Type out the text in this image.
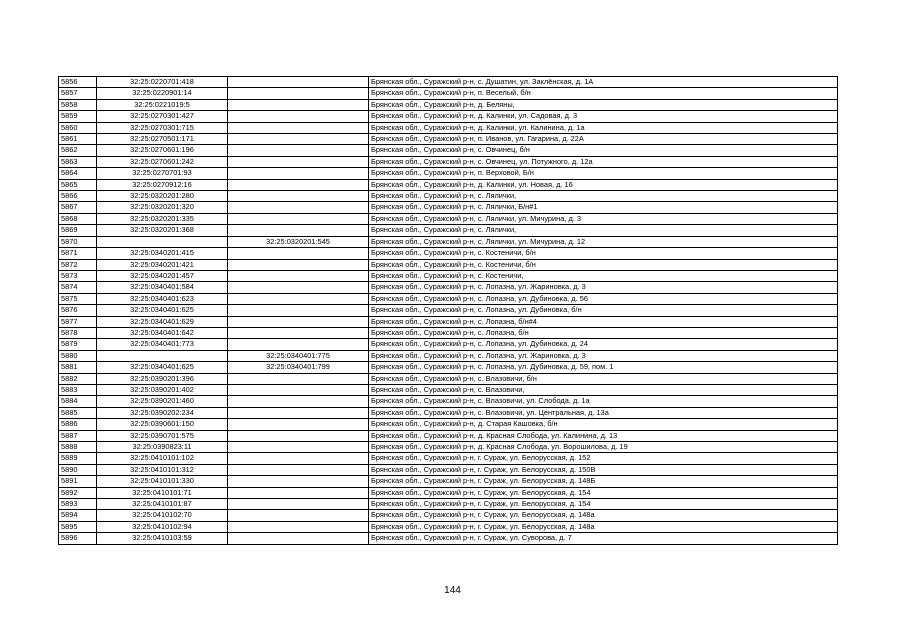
5856	32:25:0220701:418		Брянская обл., Суражский р-н, с. Душатин, ул. Заклёнская, д. 1А
5857	32:25:0220901:14		Брянская обл., Суражский р-н, п. Веселый, б/н
5858	32:25:0221019:5		Брянская обл., Суражский р-н, д. Беляны,
5859	32:25:0270301:427		Брянская обл., Суражский р-н, д. Калинки, ул. Садовая, д. 3
5860	32:25:0270301:715		Брянская обл., Суражский р-н, д. Калинки, ул. Калинина, д. 1а
5861	32:25:0270501:171		Брянская обл., Суражский р-н, п. Иванов, ул. Гагарина, д. 22А
5862	32:25:0270601:196		Брянская обл., Суражский р-н, с. Овчинец, б/н
5863	32:25:0270601:242		Брянская обл., Суражский р-н, с. Овчинец, ул. Потужного, д. 12а
5864	32:25:0270701:93		Брянская обл., Суражский р-н, п. Верховой, Б/н
5865	32:25:0270912:16		Брянская обл., Суражский р-н, д. Калинки, ул. Новая, д. 16
5866	32:25:0320201:280		Брянская обл., Суражский р-н, с. Лялички,
5867	32:25:0320201:320		Брянская обл., Суражский р-н, с. Лялички, Б/н#1
5868	32:25:0320201:335		Брянская обл., Суражский р-н, с. Лялички, ул. Мичурина, д. 3
5869	32:25:0320201:368		Брянская обл., Суражский р-н, с. Лялички,
5870		32:25:0320201:545	Брянская обл., Суражский р-н, с. Лялички, ул. Мичурина, д. 12
5871	32:25:0340201:415		Брянская обл., Суражский р-н, с. Костеничи, б/н
5872	32:25:0340201:421		Брянская обл., Суражский р-н, с. Костеничи, б/н
5873	32:25:0340201:457		Брянская обл., Суражский р-н, с. Костеничи,
5874	32:25:0340401:584		Брянская обл., Суражский р-н, с. Лопазна, ул. Жариновка, д. 3
5875	32:25:0340401:623		Брянская обл., Суражский р-н, с. Лопазна, ул. Дубиновка, д. 56
5876	32:25:0340401:625		Брянская обл., Суражский р-н, с. Лопазна, ул. Дубиновка, б/н
5877	32:25:0340401:629		Брянская обл., Суражский р-н, с. Лопазна, б/н#4
5878	32:25:0340401:642		Брянская обл., Суражский р-н, с. Лопазна, б/н
5879	32:25:0340401:773		Брянская обл., Суражский р-н, с. Лопазна, ул. Дубиновка, д. 24
5880		32:25:0340401:775	Брянская обл., Суражский р-н, с. Лопазна, ул. Жариновка, д. 3
5881	32:25:0340401:625	32:25:0340401:799	Брянская обл., Суражский р-н, с. Лопазна, ул. Дубиновка, д. 59, пом. 1
5882	32:25:0390201:396		Брянская обл., Суражский р-н, с. Влазовичи, б/н
5883	32:25:0390201:402		Брянская обл., Суражский р-н, с. Влазовичи,
5884	32:25:0390201:460		Брянская обл., Суражский р-н, с. Влазовичи, ул. Слобода, д. 1а
5885	32:25:0390202:234		Брянская обл., Суражский р-н, с. Влазовичи, ул. Центральная, д. 13а
5886	32:25:0390601:150		Брянская обл., Суражский р-н, д. Старая Кашовка, б/н
5887	32:25:0390701:575		Брянская обл., Суражский р-н, д. Красная Слобода, ул. Калинина, д. 13
5888	32:25:0390823:11		Брянская обл., Суражский р-н, д. Красная Слобода, ул. Ворошилова, д. 19
5889	32:25:0410101:102		Брянская обл., Суражский р-н, г. Сураж, ул. Белорусская, д. 152
5890	32:25:0410101:312		Брянская обл., Суражский р-н, г. Сураж, ул. Белорусская, д. 150В
5891	32:25:0410101:330		Брянская обл., Суражский р-н, г. Сураж, ул. Белорусская, д. 148Б
5892	32:25:0410101:71		Брянская обл., Суражский р-н, г. Сураж, ул. Белорусская, д. 154
5893	32:25:0410101:87		Брянская обл., Суражский р-н, г. Сураж, ул. Белорусская, д. 154
5894	32:25:0410102:70		Брянская обл., Суражский р-н, г. Сураж, ул. Белорусская, д. 148а
5895	32:25:0410102:94		Брянская обл., Суражский р-н, г. Сураж, ул. Белорусская, д. 148а
5896	32:25:0410103:59		Брянская обл., Суражский р-н, г. Сураж, ул. Суворова, д. 7
144
